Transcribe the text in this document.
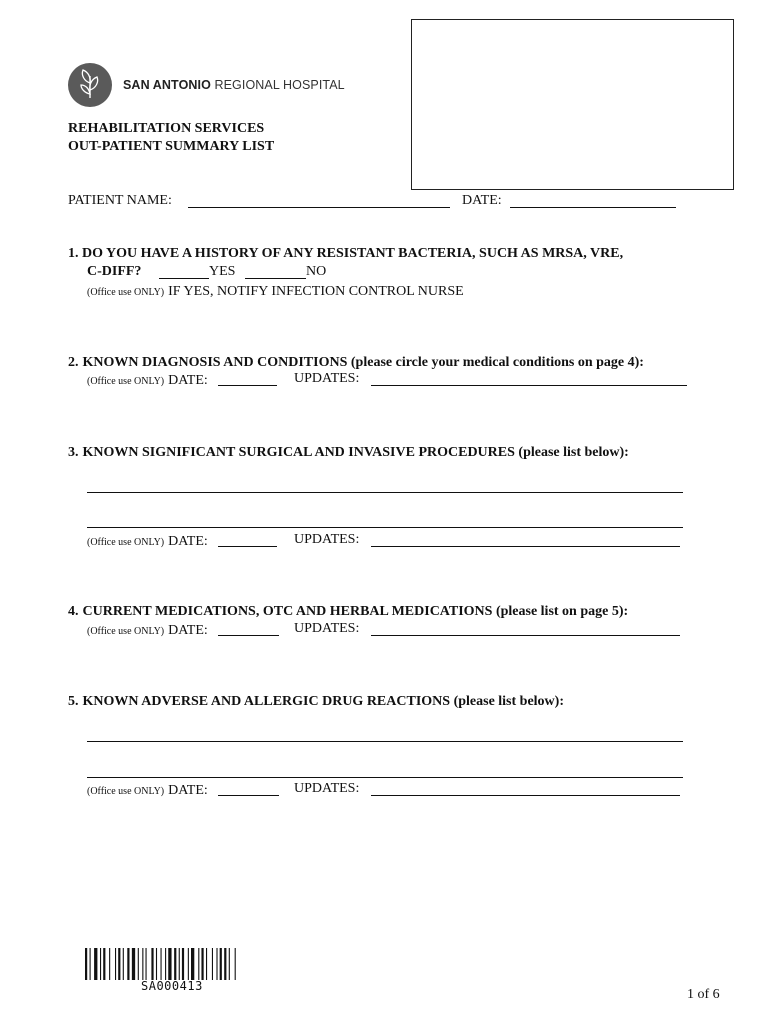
SAN ANTONIO REGIONAL HOSPITAL
REHABILITATION SERVICES
OUT-PATIENT SUMMARY LIST
PATIENT NAME:	DATE:
1. DO YOU HAVE A HISTORY OF ANY RESISTANT BACTERIA, SUCH AS MRSA, VRE,
C-DIFF?	YES	NO
(Office use ONLY) IF YES, NOTIFY INFECTION CONTROL NURSE
2. KNOWN DIAGNOSIS AND CONDITIONS (please circle your medical conditions on page 4):
(Office use ONLY) DATE:	UPDATES:
3. KNOWN SIGNIFICANT SURGICAL AND INVASIVE PROCEDURES (please list below):
(Office use ONLY) DATE:	UPDATES:
4. CURRENT MEDICATIONS, OTC AND HERBAL MEDICATIONS (please list on page 5):
(Office use ONLY) DATE:	UPDATES:
5. KNOWN ADVERSE AND ALLERGIC DRUG REACTIONS (please list below):
(Office use ONLY) DATE:	UPDATES:
SA000413
1 of 6
